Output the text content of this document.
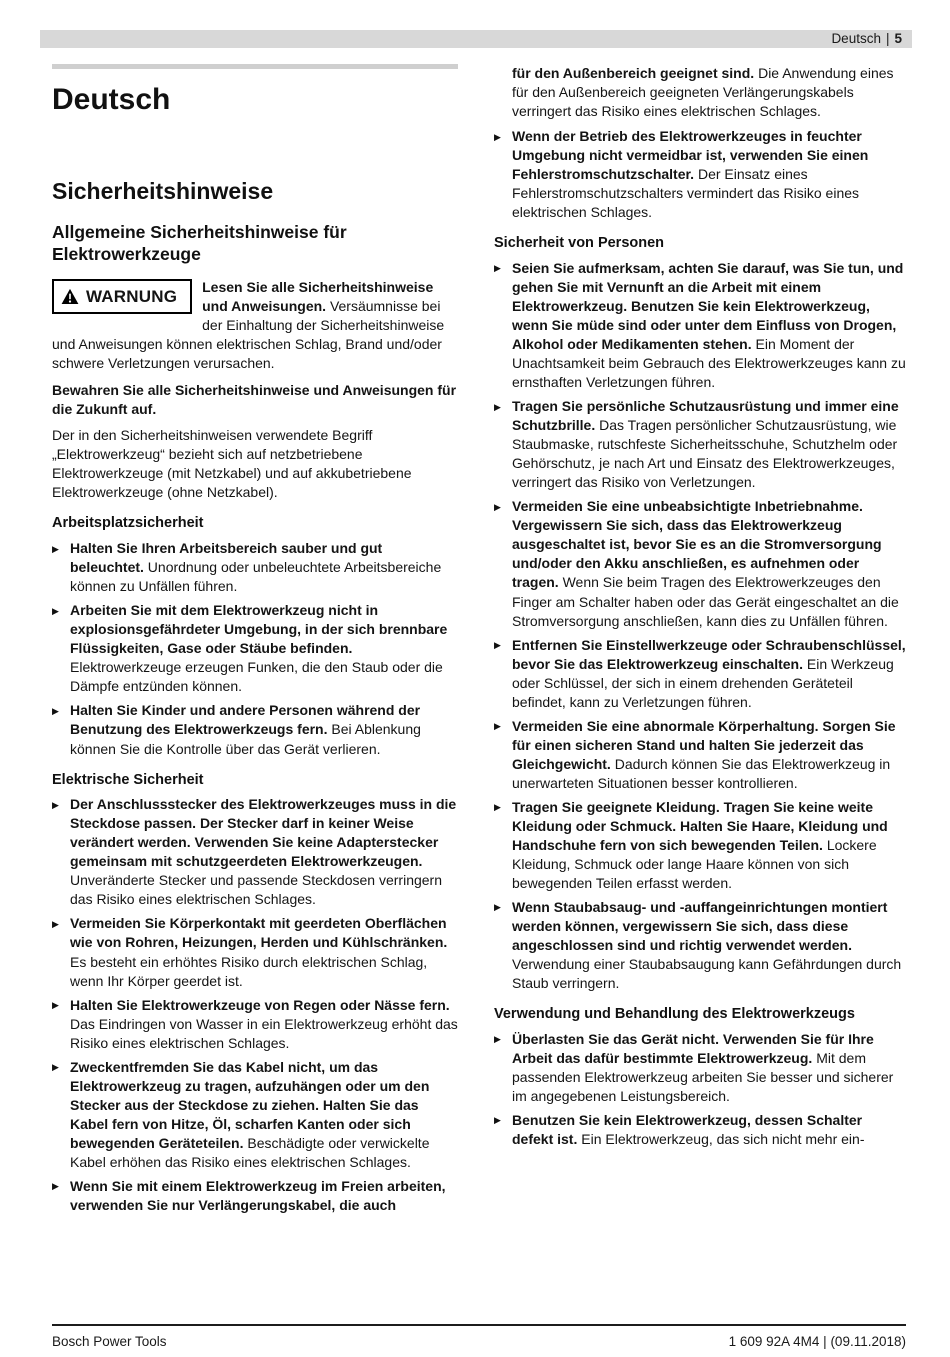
Deutsch | 5
Deutsch
Sicherheitshinweise
Allgemeine Sicherheitshinweise für Elektrowerkzeuge
WARNUNG Lesen Sie alle Sicherheitshinweise und Anweisungen. Versäumnisse bei der Einhaltung der Sicherheitshinweise und Anweisungen können elektrischen Schlag, Brand und/oder schwere Verletzungen verursachen.

Bewahren Sie alle Sicherheitshinweise und Anweisungen für die Zukunft auf.

Der in den Sicherheitshinweisen verwendete Begriff „Elektrowerkzeug“ bezieht sich auf netzbetriebene Elektrowerkzeuge (mit Netzkabel) und auf akkubetriebene Elektrowerkzeuge (ohne Netzkabel).

Arbeitsplatzsicherheit
▶ Halten Sie Ihren Arbeitsbereich sauber und gut beleuchtet. Unordnung oder unbeleuchtete Arbeitsbereiche können zu Unfällen führen.
▶ Arbeiten Sie mit dem Elektrowerkzeug nicht in explosionsgefährdeter Umgebung, in der sich brennbare Flüssigkeiten, Gase oder Stäube befinden. Elektrowerkzeuge erzeugen Funken, die den Staub oder die Dämpfe entzünden können.
▶ Halten Sie Kinder und andere Personen während der Benutzung des Elektrowerkzeugs fern. Bei Ablenkung können Sie die Kontrolle über das Gerät verlieren.
Elektrische Sicherheit
▶ Der Anschlussstecker des Elektrowerkzeuges muss in die Steckdose passen. Der Stecker darf in keiner Weise verändert werden. Verwenden Sie keine Adapterstecker gemeinsam mit schutzgeerdeten Elektrowerkzeugen. Unveränderte Stecker und passende Steckdosen verringern das Risiko eines elektrischen Schlages.
▶ Vermeiden Sie Körperkontakt mit geerdeten Oberflächen wie von Rohren, Heizungen, Herden und Kühlschränken. Es besteht ein erhöhtes Risiko durch elektrischen Schlag, wenn Ihr Körper geerdet ist.
▶ Halten Sie Elektrowerkzeuge von Regen oder Nässe fern. Das Eindringen von Wasser in ein Elektrowerkzeug erhöht das Risiko eines elektrischen Schlages.
▶ Zweckentfremden Sie das Kabel nicht, um das Elektrowerkzeug zu tragen, aufzuhängen oder um den Stecker aus der Steckdose zu ziehen. Halten Sie das Kabel fern von Hitze, Öl, scharfen Kanten oder sich bewegenden Geräteteilen. Beschädigte oder verwickelte Kabel erhöhen das Risiko eines elektrischen Schlages.
▶ Wenn Sie mit einem Elektrowerkzeug im Freien arbeiten, verwenden Sie nur Verlängerungskabel, die auch

für den Außenbereich geeignet sind. Die Anwendung eines für den Außenbereich geeigneten Verlängerungskabels verringert das Risiko eines elektrischen Schlages.

▶ Wenn der Betrieb des Elektrowerkzeuges in feuchter Umgebung nicht vermeidbar ist, verwenden Sie einen Fehlerstromschutzschalter. Der Einsatz eines Fehlerstromschutzschalters vermindert das Risiko eines elektrischen Schlages.
Sicherheit von Personen
▶ Seien Sie aufmerksam, achten Sie darauf, was Sie tun, und gehen Sie mit Vernunft an die Arbeit mit einem Elektrowerkzeug. Benutzen Sie kein Elektrowerkzeug, wenn Sie müde sind oder unter dem Einfluss von Drogen, Alkohol oder Medikamenten stehen. Ein Moment der Unachtsamkeit beim Gebrauch des Elektrowerkzeuges kann zu ernsthaften Verletzungen führen.
▶ Tragen Sie persönliche Schutzausrüstung und immer eine Schutzbrille. Das Tragen persönlicher Schutzausrüstung, wie Staubmaske, rutschfeste Sicherheitsschuhe, Schutzhelm oder Gehörschutz, je nach Art und Einsatz des Elektrowerkzeuges, verringert das Risiko von Verletzungen.
▶ Vermeiden Sie eine unbeabsichtigte Inbetriebnahme. Vergewissern Sie sich, dass das Elektrowerkzeug ausgeschaltet ist, bevor Sie es an die Stromversorgung und/oder den Akku anschließen, es aufnehmen oder tragen. Wenn Sie beim Tragen des Elektrowerkzeuges den Finger am Schalter haben oder das Gerät eingeschaltet an die Stromversorgung anschließen, kann dies zu Unfällen führen.
▶ Entfernen Sie Einstellwerkzeuge oder Schraubenschlüssel, bevor Sie das Elektrowerkzeug einschalten. Ein Werkzeug oder Schlüssel, der sich in einem drehenden Geräteteil befindet, kann zu Verletzungen führen.
▶ Vermeiden Sie eine abnormale Körperhaltung. Sorgen Sie für einen sicheren Stand und halten Sie jederzeit das Gleichgewicht. Dadurch können Sie das Elektrowerkzeug in unerwarteten Situationen besser kontrollieren.
▶ Tragen Sie geeignete Kleidung. Tragen Sie keine weite Kleidung oder Schmuck. Halten Sie Haare, Kleidung und Handschuhe fern von sich bewegenden Teilen. Lockere Kleidung, Schmuck oder lange Haare können von sich bewegenden Teilen erfasst werden.
▶ Wenn Staubabsaug- und -auffangeinrichtungen montiert werden können, vergewissern Sie sich, dass diese angeschlossen sind und richtig verwendet werden. Verwendung einer Staubabsaugung kann Gefährdungen durch Staub verringern.
Verwendung und Behandlung des Elektrowerkzeugs
▶ Überlasten Sie das Gerät nicht. Verwenden Sie für Ihre Arbeit das dafür bestimmte Elektrowerkzeug. Mit dem passenden Elektrowerkzeug arbeiten Sie besser und sicherer im angegebenen Leistungsbereich.
▶ Benutzen Sie kein Elektrowerkzeug, dessen Schalter defekt ist. Ein Elektrowerkzeug, das sich nicht mehr ein-
Bosch Power Tools	1 609 92A 4M4 | (09.11.2018)
